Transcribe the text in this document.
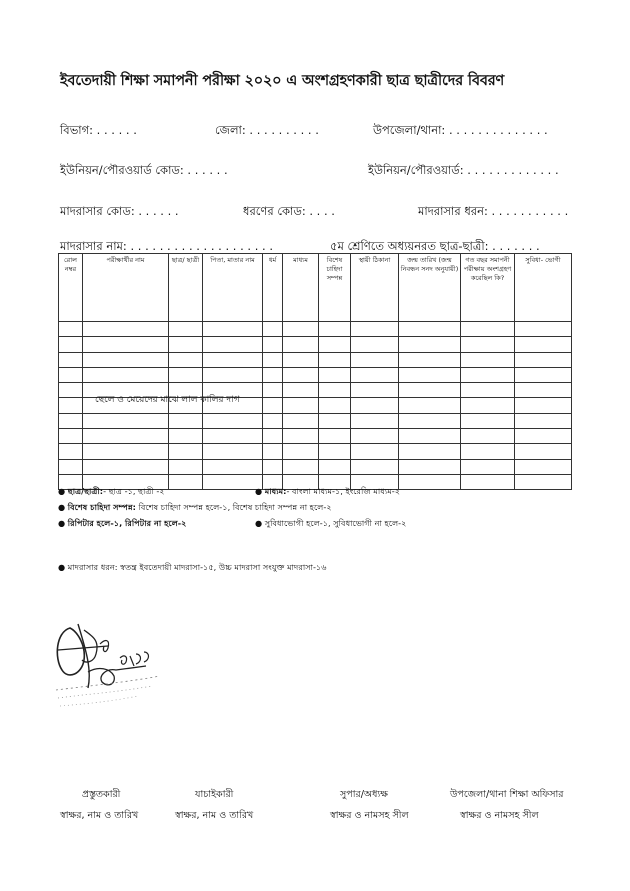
ইবতেদায়ী শিক্ষা সমাপনী পরীক্ষা ২০২০ এ অংশগ্রহণকারী ছাত্র ছাত্রীদের বিবরণ
বিভাগ: . . . . . .	জেলা: . . . . . . . . . .	উপজেলা/থানা: . . . . . . . . . . . . . .
ইউনিয়ন/পৌরওয়ার্ড কোড: . . . . . .	ইউনিয়ন/পৌরওয়ার্ড: . . . . . . . . . . . . .
মাদরাসার কোড: . . . . . .	ধরণের কোড: . . . .	মাদরাসার ধরন: . . . . . . . . . . .
মাদরাসার নাম: . . . . . . . . . . . . . . . . . . . .	৫ম শ্রেণিতে অধ্যয়নরত ছাত্র-ছাত্রী: . . . . . . .
রোল নম্বর	পরীক্ষার্থীর নাম	ছাত্র/ ছাত্রী	পিতা, মাতার নাম	ধর্ম	মাধ্যম	বিশেষ চাহিদা সম্পন্ন	স্থায়ী ঠিকানা	জন্ম তারিখ (জন্ম নিবন্ধন সনদ অনুযায়ী)	গত বছর সমাপনী পরীক্ষায় অংশগ্রহণ করেছিল কি?	সুবিধা- ভোগী

ছেলে ও মেয়েদের মাঝে লাল কালির দাগ
● ছাত্র/ছাত্রী:- ছাত্র -১, ছাত্রী -২	● মাধ্যম:- বাংলা মাধ্যম-১, ইংরেজি মাধ্যম-২
● বিশেষ চাহিদা সম্পন্ন: বিশেষ চাহিদা সম্পন্ন হলে-১, বিশেষ চাহিদা সম্পন্ন না হলে-২
● রিপিটার হলে-১, রিপিটার না হলে-২	● সুবিধাভোগী হলে-১, সুবিধাভোগী না হলে-২
● মাদরাসার ধরন: স্বতন্ত্র ইবতেদায়ী মাদরাসা-১৫, উচ্চ মাদরাসা সংযুক্ত মাদরাসা-১৬
প্রস্তুতকারী
স্বাক্ষর, নাম ও তারিখ
যাচাইকারী
স্বাক্ষর, নাম ও তারিখ
সুপার/অধ্যক্ষ
স্বাক্ষর ও নামসহ সীল
উপজেলা/থানা শিক্ষা অফিসার
স্বাক্ষর ও নামসহ সীল
